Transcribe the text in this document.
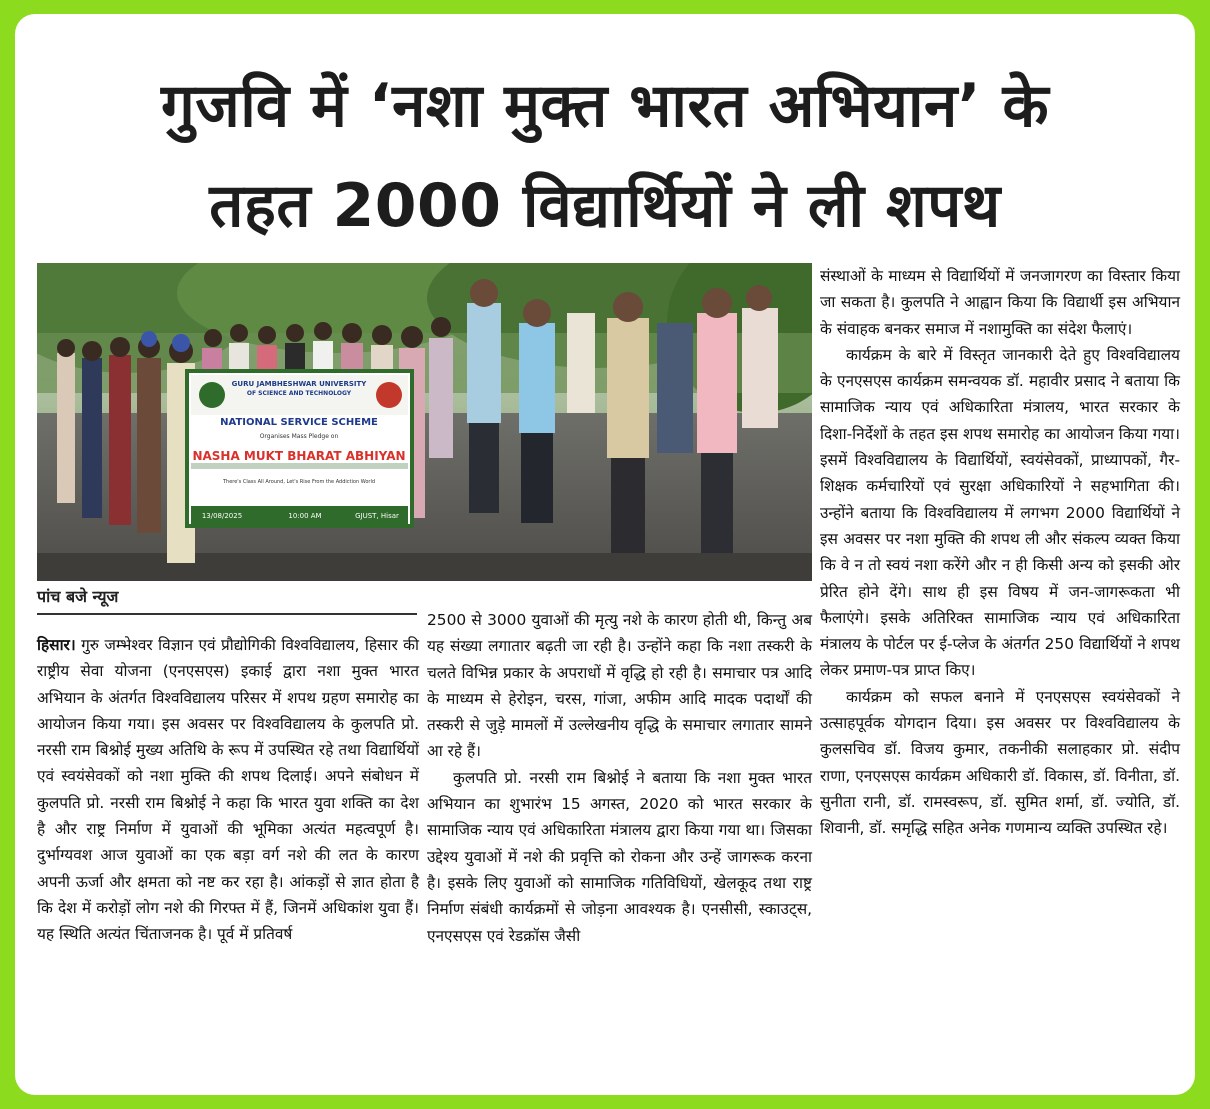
गुजवि में ‘नशा मुक्त भारत अभियान’ के
तहत 2000 विद्यार्थियों ने ली शपथ
GURU JAMBHESHWAR UNIVERSITY
OF SCIENCE AND TECHNOLOGY
NATIONAL SERVICE SCHEME
Organises Mass Pledge on
NASHA MUKT BHARAT ABHIYAN
There's Class All Around, Let's Rise From the Addiction World
13/08/2025	10:00 AM	GJUST, Hisar
पांच बजे न्यूज

हिसार। गुरु जम्भेश्वर विज्ञान एवं प्रौद्योगिकी विश्वविद्यालय, हिसार की राष्ट्रीय सेवा योजना (एनएसएस) इकाई द्वारा नशा मुक्त भारत अभियान के अंतर्गत विश्वविद्यालय परिसर में शपथ ग्रहण समारोह का आयोजन किया गया। इस अवसर पर विश्वविद्यालय के कुलपति प्रो. नरसी राम बिश्नोई मुख्य अतिथि के रूप में उपस्थित रहे तथा विद्यार्थियों एवं स्वयंसेवकों को नशा मुक्ति की शपथ दिलाई। अपने संबोधन में कुलपति प्रो. नरसी राम बिश्नोई ने कहा कि भारत युवा शक्ति का देश है और राष्ट्र निर्माण में युवाओं की भूमिका अत्यंत महत्वपूर्ण है। दुर्भाग्यवश आज युवाओं का एक बड़ा वर्ग नशे की लत के कारण अपनी ऊर्जा और क्षमता को नष्ट कर रहा है। आंकड़ों से ज्ञात होता है कि देश में करोड़ों लोग नशे की गिरफ्त में हैं, जिनमें अधिकांश युवा हैं। यह स्थिति अत्यंत चिंताजनक है। पूर्व में प्रतिवर्ष

2500 से 3000 युवाओं की मृत्यु नशे के कारण होती थी, किन्तु अब यह संख्या लगातार बढ़ती जा रही है। उन्होंने कहा कि नशा तस्करी के चलते विभिन्न प्रकार के अपराधों में वृद्धि हो रही है। समाचार पत्र आदि के माध्यम से हेरोइन, चरस, गांजा, अफीम आदि मादक पदार्थों की तस्करी से जुड़े मामलों में उल्लेखनीय वृद्धि के समाचार लगातार सामने आ रहे हैं।

कुलपति प्रो. नरसी राम बिश्नोई ने बताया कि नशा मुक्त भारत अभियान का शुभारंभ 15 अगस्त, 2020 को भारत सरकार के सामाजिक न्याय एवं अधिकारिता मंत्रालय द्वारा किया गया था। जिसका उद्देश्य युवाओं में नशे की प्रवृत्ति को रोकना और उन्हें जागरूक करना है। इसके लिए युवाओं को सामाजिक गतिविधियों, खेलकूद तथा राष्ट्र निर्माण संबंधी कार्यक्रमों से जोड़ना आवश्यक है। एनसीसी, स्काउट्स, एनएसएस एवं रेडक्रॉस जैसी

संस्थाओं के माध्यम से विद्यार्थियों में जनजागरण का विस्तार किया जा सकता है। कुलपति ने आह्वान किया कि विद्यार्थी इस अभियान के संवाहक बनकर समाज में नशामुक्ति का संदेश फैलाएं।

कार्यक्रम के बारे में विस्तृत जानकारी देते हुए विश्वविद्यालय के एनएसएस कार्यक्रम समन्वयक डॉ. महावीर प्रसाद ने बताया कि सामाजिक न्याय एवं अधिकारिता मंत्रालय, भारत सरकार के दिशा-निर्देशों के तहत इस शपथ समारोह का आयोजन किया गया। इसमें विश्वविद्यालय के विद्यार्थियों, स्वयंसेवकों, प्राध्यापकों, गैर-शिक्षक कर्मचारियों एवं सुरक्षा अधिकारियों ने सहभागिता की। उन्होंने बताया कि विश्वविद्यालय में लगभग 2000 विद्यार्थियों ने इस अवसर पर नशा मुक्ति की शपथ ली और संकल्प व्यक्त किया कि वे न तो स्वयं नशा करेंगे और न ही किसी अन्य को इसकी ओर प्रेरित होने देंगे। साथ ही इस विषय में जन-जागरूकता भी फैलाएंगे। इसके अतिरिक्त सामाजिक न्याय एवं अधिकारिता मंत्रालय के पोर्टल पर ई-प्लेज के अंतर्गत 250 विद्यार्थियों ने शपथ लेकर प्रमाण-पत्र प्राप्त किए।

कार्यक्रम को सफल बनाने में एनएसएस स्वयंसेवकों ने उत्साहपूर्वक योगदान दिया। इस अवसर पर विश्वविद्यालय के कुलसचिव डॉ. विजय कुमार, तकनीकी सलाहकार प्रो. संदीप राणा, एनएसएस कार्यक्रम अधिकारी डॉ. विकास, डॉ. विनीता, डॉ. सुनीता रानी, डॉ. रामस्वरूप, डॉ. सुमित शर्मा, डॉ. ज्योति, डॉ. शिवानी, डॉ. समृद्धि सहित अनेक गणमान्य व्यक्ति उपस्थित रहे।
